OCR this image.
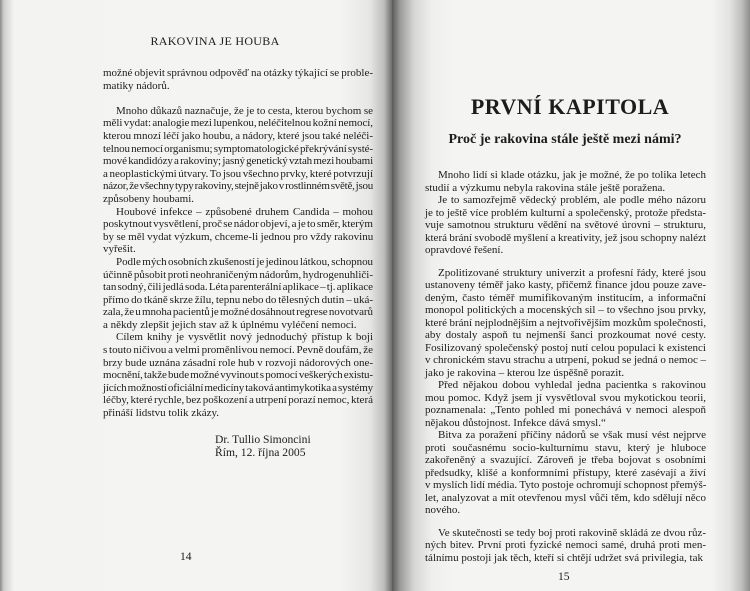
RAKOVINA JE HOUBA
možné objevit správnou odpověď na otázky týkající se proble-
matiky nádorů.
Mnoho důkazů naznačuje, že je to cesta, kterou bychom se
měli vydat: analogie mezi lupenkou, neléčitelnou kožní nemocí,
kterou mnozí léčí jako houbu, a nádory, které jsou také neléči-
telnou nemocí organismu; symptomatologické překrývání systé-
mové kandidózy a rakoviny; jasný genetický vztah mezi houbami
a neoplastickými útvary. To jsou všechno prvky, které potvrzují
názor, že všechny typy rakoviny, stejně jako v rostlinném světě, jsou
způsobeny houbami.
Houbové infekce – způsobené druhem Candida – mohou
poskytnout vysvětlení, proč se nádor objeví, a je to směr, kterým
by se měl vydat výzkum, chceme-li jednou pro vždy rakovinu
vyřešit.
Podle mých osobních zkušeností je jedinou látkou, schopnou
účinně působit proti neohraničeným nádorům, hydrogenuhliči-
tan sodný, čili jedlá soda. Léta parenterální aplikace – tj. aplikace
přímo do tkáně skrze žílu, tepnu nebo do tělesných dutin – uká-
zala, že u mnoha pacientů je možné dosáhnout regrese novotvarů
a někdy zlepšit jejich stav až k úplnému vyléčení nemoci.
Cílem knihy je vysvětlit nový jednoduchý přístup k boji
s touto ničivou a velmi proměnlivou nemocí. Pevně doufám, že
brzy bude uznána zásadní role hub v rozvoji nádorových one-
mocnění, takže bude možné vyvinout s pomocí veškerých existu-
jících možností oficiální medicíny taková antimykotika a systémy
léčby, které rychle, bez poškození a utrpení porazí nemoc, která
přináší lidstvu tolik zkázy.
Dr. Tullio Simoncini
Řím, 12. října 2005
14
PRVNÍ KAPITOLA
Proč je rakovina stále ještě mezi námi?
Mnoho lidí si klade otázku, jak je možné, že po tolika letech
studií a výzkumu nebyla rakovina stále ještě poražena.
Je to samozřejmě vědecký problém, ale podle mého názoru
je to ještě více problém kulturní a společenský, protože předsta-
vuje samotnou strukturu vědění na světové úrovni – strukturu,
která brání svobodě myšlení a kreativity, jež jsou schopny nalézt
opravdové řešení.
Zpolitizované struktury univerzit a profesní řády, které jsou
ustanoveny téměř jako kasty, přičemž finance jdou pouze zave-
deným, často téměř mumifikovaným institucím, a informační
monopol politických a mocenských sil – to všechno jsou prvky,
které brání nejplodnějším a nejtvořivějším mozkům společnosti,
aby dostaly aspoň tu nejmenší šanci prozkoumat nové cesty.
Fosilizovaný společenský postoj nutí celou populaci k existenci
v chronickém stavu strachu a utrpení, pokud se jedná o nemoc –
jako je rakovina – kterou lze úspěšně porazit.
Před nějakou dobou vyhledal jedna pacientka s rakovinou
mou pomoc. Když jsem jí vysvětloval svou mykotickou teorii,
poznamenala: „Tento pohled mi ponechává v nemoci alespoň
nějakou důstojnost. Infekce dává smysl.“
Bitva za poražení příčiny nádorů se však musí vést nejprve
proti současnému socio-kulturnímu stavu, který je hluboce
zakořeněný a svazující. Zároveň je třeba bojovat s osobními
předsudky, klišé a konformními přístupy, které zasévají a živí
v myslích lidí média. Tyto postoje ochromují schopnost přemýš-
let, analyzovat a mít otevřenou mysl vůči těm, kdo sdělují něco
nového.
Ve skutečnosti se tedy boj proti rakovině skládá ze dvou růz-
ných bitev. První proti fyzické nemoci samé, druhá proti men-
tálnímu postoji jak těch, kteří si chtějí udržet svá privilegia, tak
15
